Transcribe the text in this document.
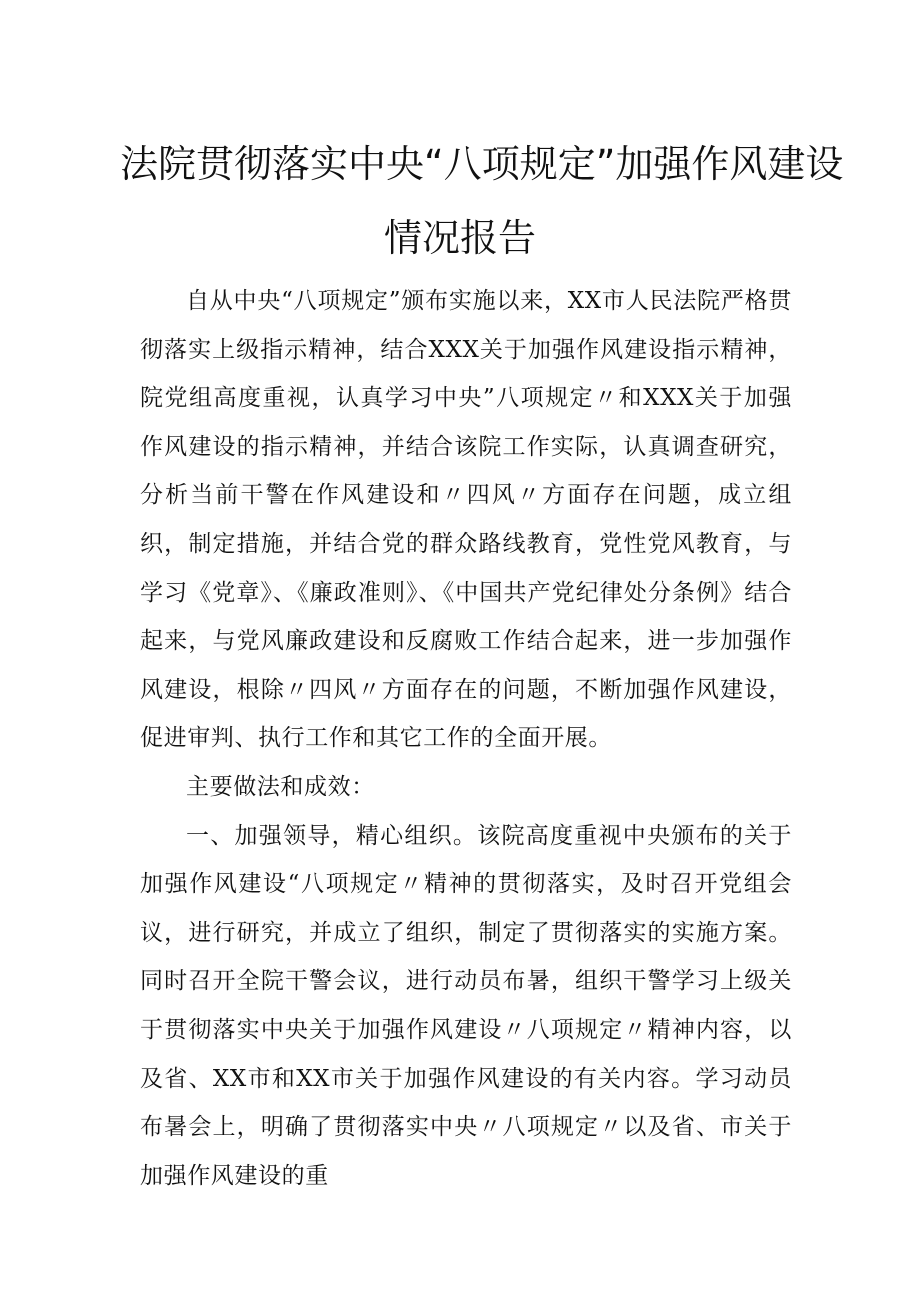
法院贯彻落实中央“八项规定”加强作风建设
情况报告

自从中央“八项规定”颁布实施以来，XX市人民法院严格贯彻落实上级指示精神，结合XXX关于加强作风建设指示精神，院党组高度重视，认真学习中央”八项规定〃和XXX关于加强作风建设的指示精神，并结合该院工作实际，认真调查研究，分析当前干警在作风建设和〃四风〃方面存在问题，成立组织，制定措施，并结合党的群众路线教育，党性党风教育，与学习《党章》、《廉政准则》、《中国共产党纪律处分条例》结合起来，与党风廉政建设和反腐败工作结合起来，进一步加强作风建设，根除〃四风〃方面存在的问题，不断加强作风建设，促进审判、执行工作和其它工作的全面开展。

主要做法和成效：

一、加强领导，精心组织。该院高度重视中央颁布的关于加强作风建设“八项规定〃精神的贯彻落实，及时召开党组会议，进行研究，并成立了组织，制定了贯彻落实的实施方案。同时召开全院干警会议，进行动员布暑，组织干警学习上级关于贯彻落实中央关于加强作风建设〃八项规定〃精神内容，以及省、XX市和XX市关于加强作风建设的有关内容。学习动员布暑会上，明确了贯彻落实中央〃八项规定〃以及省、市关于加强作风建设的重
